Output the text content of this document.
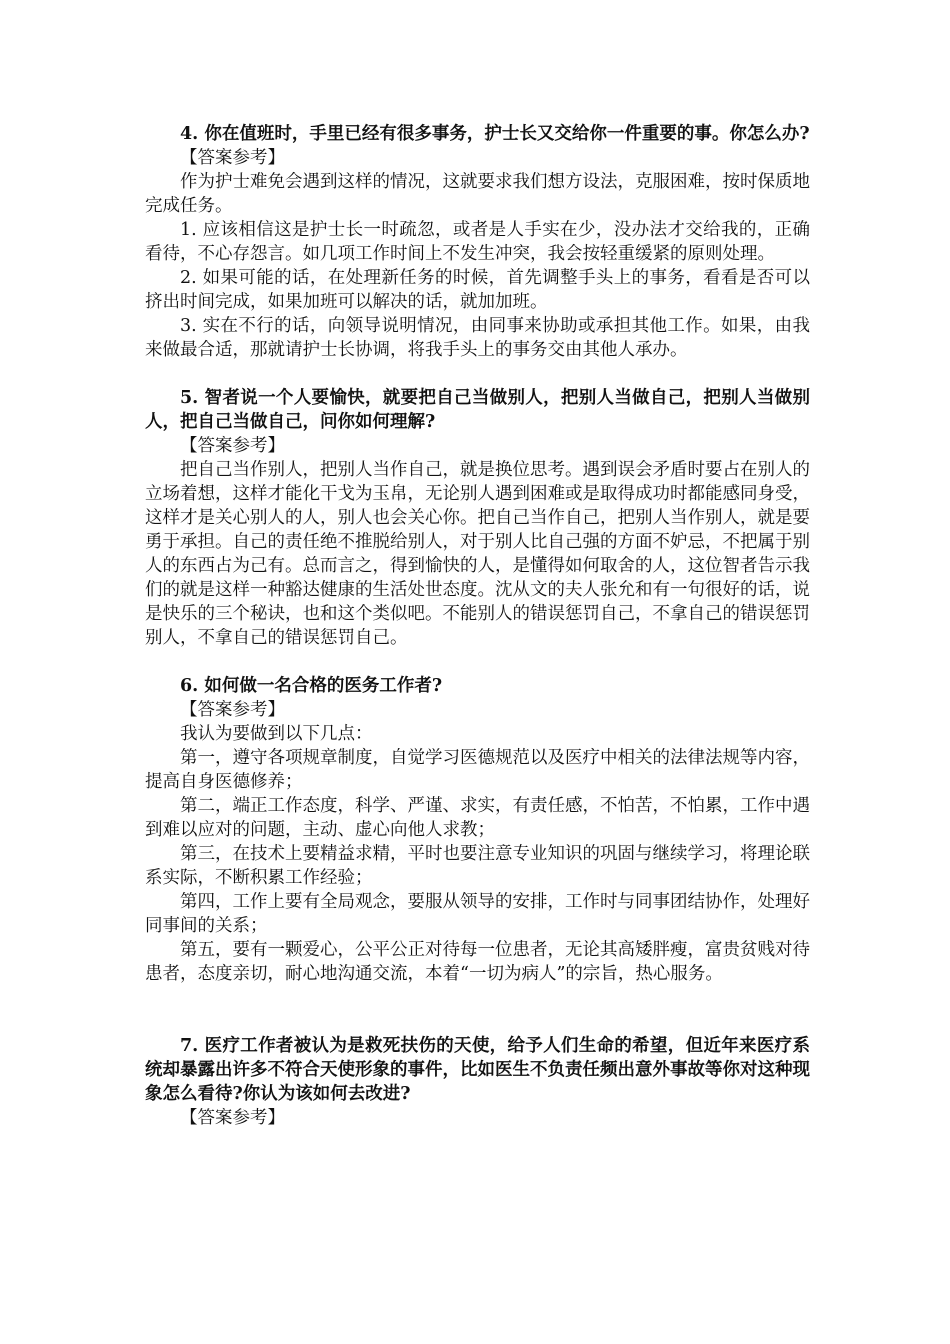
4. 你在值班时，手里已经有很多事务，护士长又交给你一件重要的事。你怎么办?

【答案参考】

作为护士难免会遇到这样的情况，这就要求我们想方设法，克服困难，按时保质地完成任务。

1. 应该相信这是护士长一时疏忽，或者是人手实在少，没办法才交给我的，正确看待，不心存怨言。如几项工作时间上不发生冲突，我会按轻重缓紧的原则处理。

2. 如果可能的话，在处理新任务的时候，首先调整手头上的事务，看看是否可以挤出时间完成，如果加班可以解决的话，就加加班。

3. 实在不行的话，向领导说明情况，由同事来协助或承担其他工作。如果，由我来做最合适，那就请护士长协调，将我手头上的事务交由其他人承办。

5. 智者说一个人要愉快，就要把自己当做别人，把别人当做自己，把别人当做别人，把自己当做自己，问你如何理解?

【答案参考】

把自己当作别人，把别人当作自己，就是换位思考。遇到误会矛盾时要占在别人的立场着想，这样才能化干戈为玉帛，无论别人遇到困难或是取得成功时都能感同身受，这样才是关心别人的人，别人也会关心你。把自己当作自己，把别人当作别人，就是要勇于承担。自己的责任绝不推脱给别人，对于别人比自己强的方面不妒忌，不把属于别人的东西占为己有。总而言之，得到愉快的人，是懂得如何取舍的人，这位智者告示我们的就是这样一种豁达健康的生活处世态度。沈从文的夫人张允和有一句很好的话，说是快乐的三个秘诀，也和这个类似吧。不能别人的错误惩罚自己，不拿自己的错误惩罚别人，不拿自己的错误惩罚自己。

6. 如何做一名合格的医务工作者?

【答案参考】

我认为要做到以下几点：

第一，遵守各项规章制度，自觉学习医德规范以及医疗中相关的法律法规等内容，提高自身医德修养；

第二，端正工作态度，科学、严谨、求实，有责任感，不怕苦，不怕累，工作中遇到难以应对的问题，主动、虚心向他人求教；

第三，在技术上要精益求精，平时也要注意专业知识的巩固与继续学习，将理论联系实际，不断积累工作经验；

第四，工作上要有全局观念，要服从领导的安排，工作时与同事团结协作，处理好同事间的关系；

第五，要有一颗爱心，公平公正对待每一位患者，无论其高矮胖瘦，富贵贫贱对待患者，态度亲切，耐心地沟通交流，本着“一切为病人”的宗旨，热心服务。

7. 医疗工作者被认为是救死扶伤的天使，给予人们生命的希望，但近年来医疗系统却暴露出许多不符合天使形象的事件，比如医生不负责任频出意外事故等你对这种现象怎么看待?你认为该如何去改进?

【答案参考】
